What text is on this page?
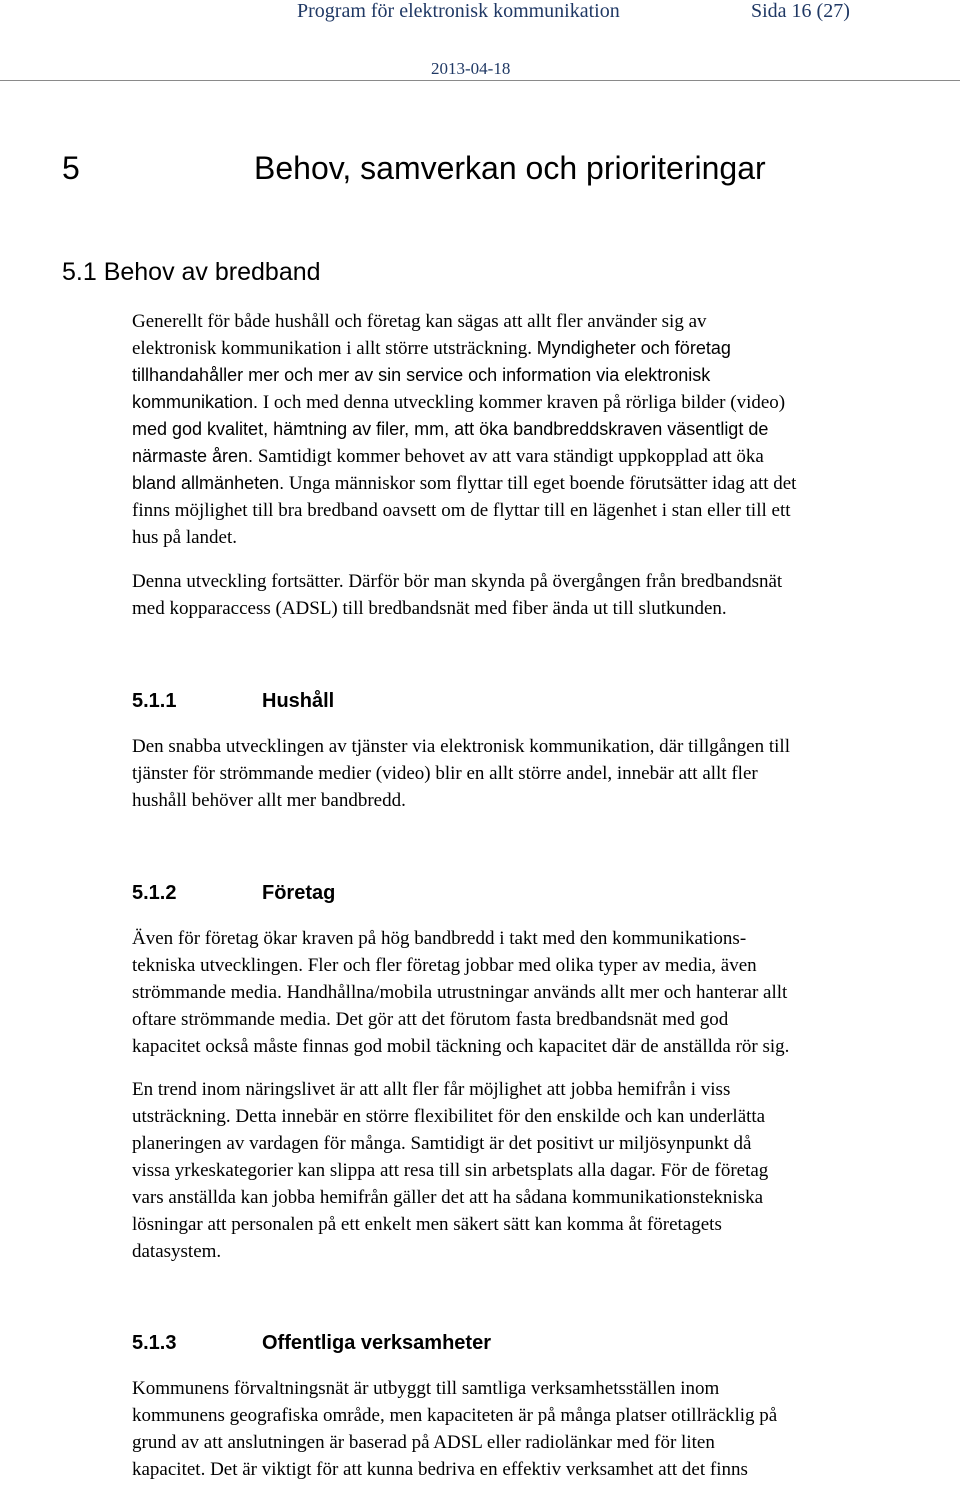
Program för elektronisk kommunikation	Sida 16 (27)
2013-04-18
5	Behov, samverkan och prioriteringar
5.1 Behov av bredband

Generellt för både hushåll och företag kan sägas att allt fler använder sig av
elektronisk kommunikation i allt större utsträckning. Myndigheter och företag
tillhandahåller mer och mer av sin service och information via elektronisk
kommunikation. I och med denna utveckling kommer kraven på rörliga bilder (video)
med god kvalitet, hämtning av filer, mm, att öka bandbreddskraven väsentligt de
närmaste åren. Samtidigt kommer behovet av att vara ständigt uppkopplad att öka
bland allmänheten. Unga människor som flyttar till eget boende förutsätter idag att det
finns möjlighet till bra bredband oavsett om de flyttar till en lägenhet i stan eller till ett
hus på landet.

Denna utveckling fortsätter. Därför bör man skynda på övergången från bredbandsnät
med kopparaccess (ADSL) till bredbandsnät med fiber ända ut till slutkunden.

5.1.1	Hushåll

Den snabba utvecklingen av tjänster via elektronisk kommunikation, där tillgången till
tjänster för strömmande medier (video) blir en allt större andel, innebär att allt fler
hushåll behöver allt mer bandbredd.

5.1.2	Företag

Även för företag ökar kraven på hög bandbredd i takt med den kommunikations-
tekniska utvecklingen. Fler och fler företag jobbar med olika typer av media, även
strömmande media. Handhållna/mobila utrustningar används allt mer och hanterar allt
oftare strömmande media. Det gör att det förutom fasta bredbandsnät med god
kapacitet också måste finnas god mobil täckning och kapacitet där de anställda rör sig.

En trend inom näringslivet är att allt fler får möjlighet att jobba hemifrån i viss
utsträckning. Detta innebär en större flexibilitet för den enskilde och kan underlätta
planeringen av vardagen för många. Samtidigt är det positivt ur miljösynpunkt då
vissa yrkeskategorier kan slippa att resa till sin arbetsplats alla dagar. För de företag
vars anställda kan jobba hemifrån gäller det att ha sådana kommunikationstekniska
lösningar att personalen på ett enkelt men säkert sätt kan komma åt företagets
datasystem.

5.1.3	Offentliga verksamheter

Kommunens förvaltningsnät är utbyggt till samtliga verksamhetsställen inom
kommunens geografiska område, men kapaciteten är på många platser otillräcklig på
grund av att anslutningen är baserad på ADSL eller radiolänkar med för liten
kapacitet. Det är viktigt för att kunna bedriva en effektiv verksamhet att det finns
